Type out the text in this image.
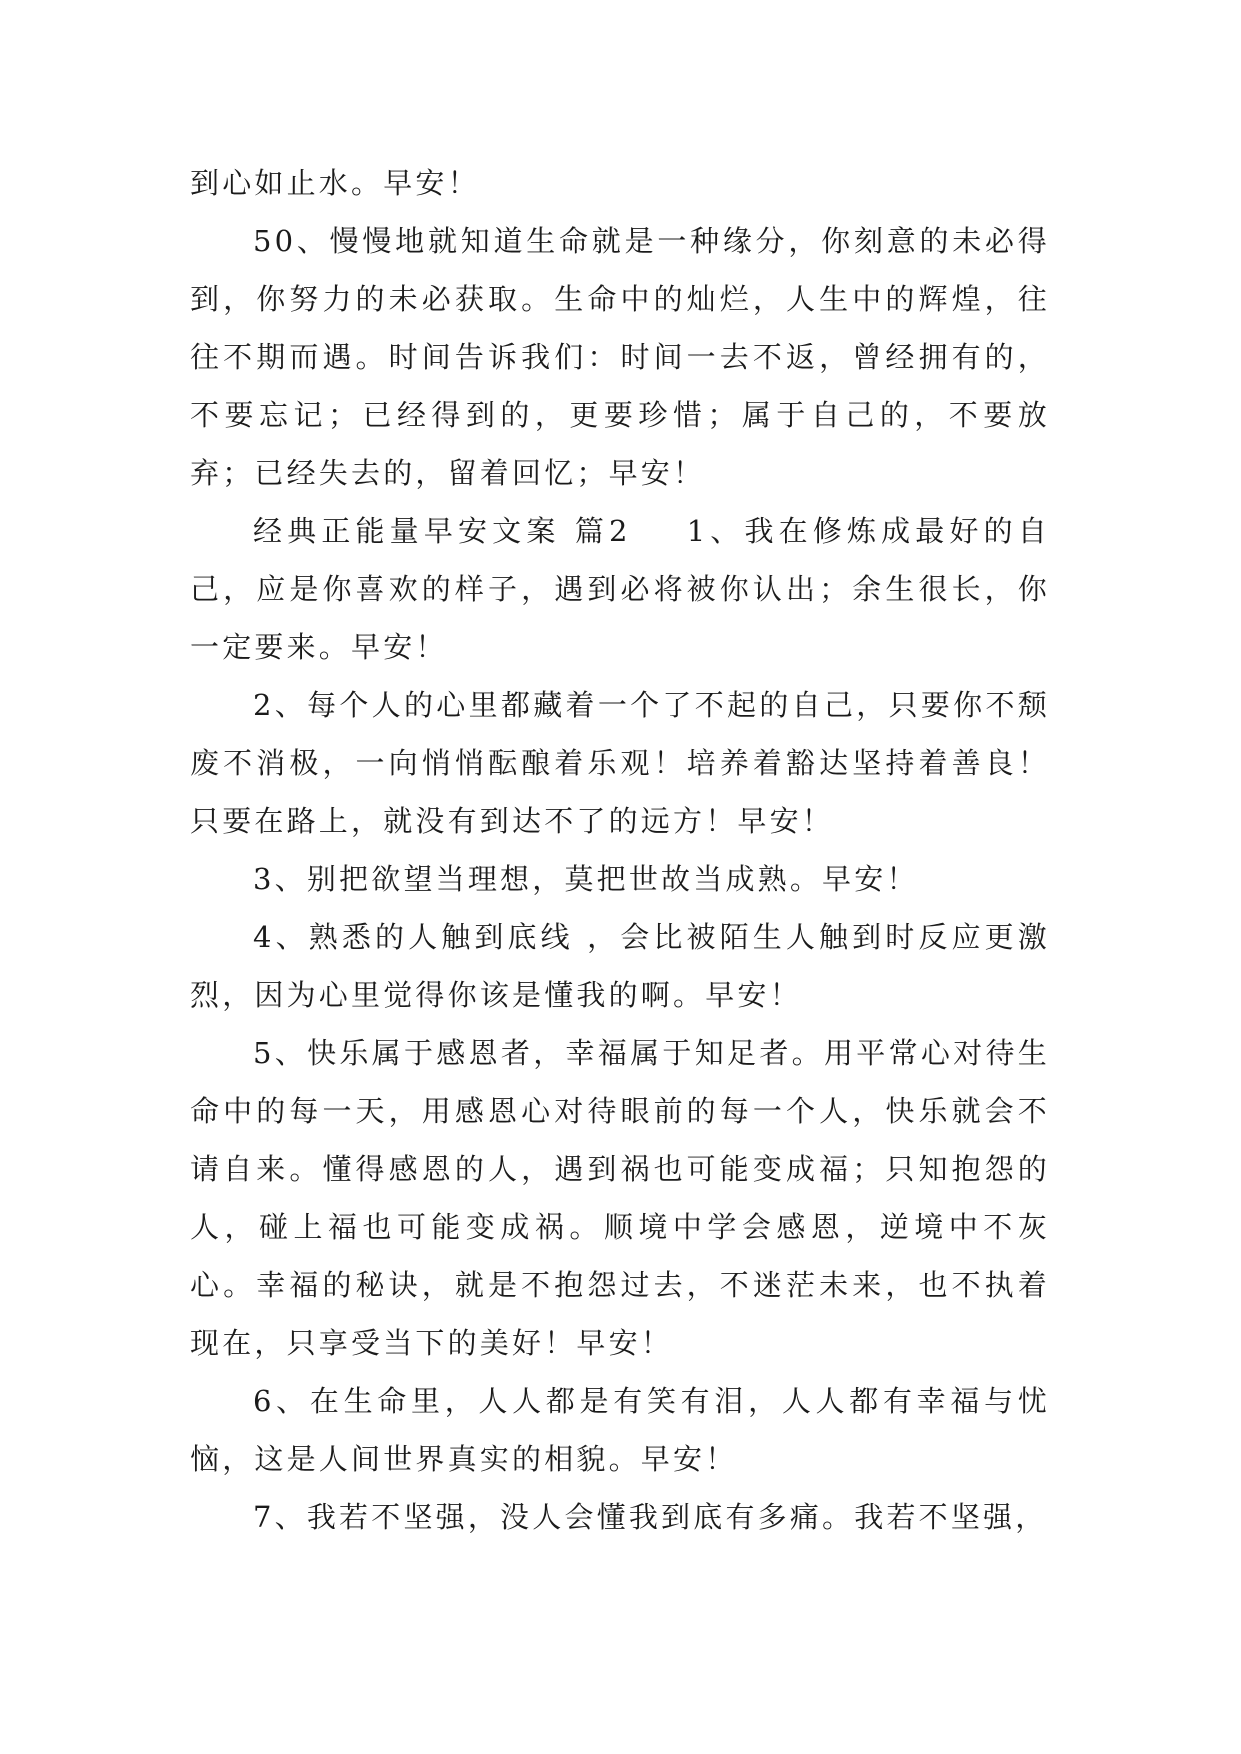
到心如止水。早安！

50、慢慢地就知道生命就是一种缘分，你刻意的未必得到，你努力的未必获取。生命中的灿烂，人生中的辉煌，往往不期而遇。时间告诉我们：时间一去不返，曾经拥有的，不要忘记；已经得到的，更要珍惜；属于自己的，不要放弃；已经失去的，留着回忆；早安！

经典正能量早安文案 篇2 1、我在修炼成最好的自己，应是你喜欢的样子，遇到必将被你认出；余生很长，你一定要来。早安！

2、每个人的心里都藏着一个了不起的自己，只要你不颓废不消极，一向悄悄酝酿着乐观！培养着豁达坚持着善良！只要在路上，就没有到达不了的远方！早安！

3、别把欲望当理想，莫把世故当成熟。早安！

4、熟悉的人触到底线 ，会比被陌生人触到时反应更激烈，因为心里觉得你该是懂我的啊。早安！

5、快乐属于感恩者，幸福属于知足者。用平常心对待生命中的每一天，用感恩心对待眼前的每一个人，快乐就会不请自来。懂得感恩的人，遇到祸也可能变成福；只知抱怨的人，碰上福也可能变成祸。顺境中学会感恩，逆境中不灰心。幸福的秘诀，就是不抱怨过去，不迷茫未来，也不执着现在，只享受当下的美好！早安！

6、在生命里，人人都是有笑有泪，人人都有幸福与忧恼，这是人间世界真实的相貌。早安！

7、我若不坚强，没人会懂我到底有多痛。我若不坚强，
